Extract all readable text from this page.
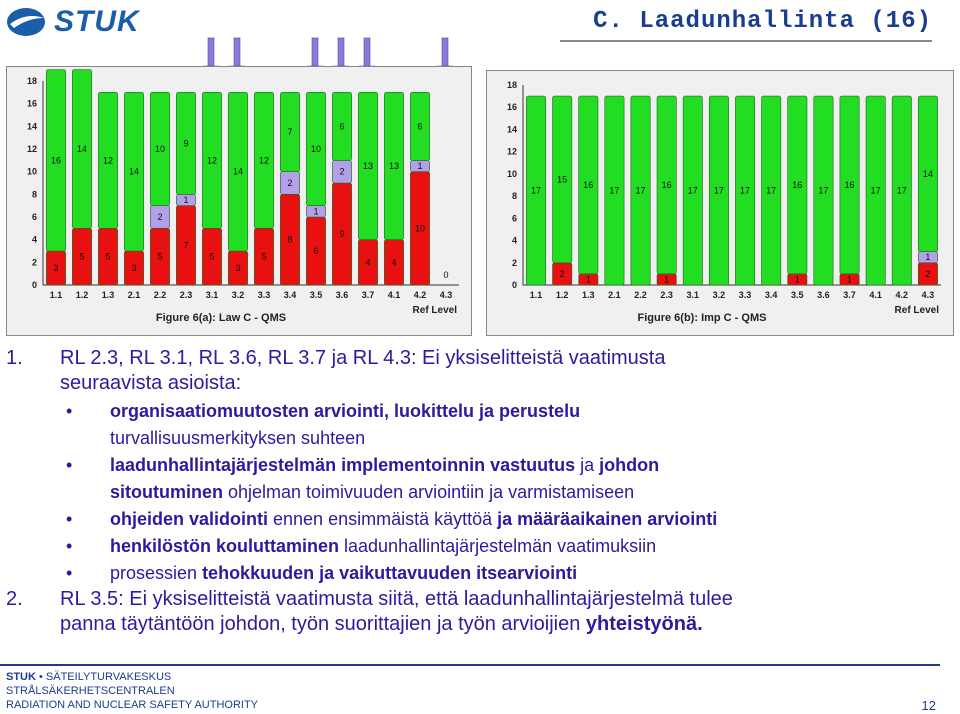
STUK	C. Laadunhallinta (16)
0
2
4
6
8
10
12
14
16
18
3
16
1.1
5
14
1.2
5
12
1.3
3
14
2.1
5
2
10
2.2
7
1
9
2.3
5
12
3.1
3
14
3.2
5
12
3.3
8
2
7
3.4
6
1
10
3.5
9
2
6
3.6
4
13
3.7
4
13
4.1
10
1
6
4.2
0
4.3
Figure 6(a): Law C - QMS
Ref Level
0
2
4
6
8
10
12
14
16
18
17
1.1
2
15
1.2
1
16
1.3
17
2.1
17
2.2
1
16
2.3
17
3.1
17
3.2
17
3.3
17
3.4
1
16
3.5
17
3.6
1
16
3.7
17
4.1
17
4.2
2
1
14
4.3
Figure 6(b): Imp C - QMS
Ref Level

1. RL 2.3, RL 3.1, RL 3.6, RL 3.7 ja RL 4.3: Ei yksiselitteistä vaatimusta

seuraavista asioista:

• organisaatiomuutosten arviointi, luokittelu ja perustelu
turvallisuusmerkityksen suhteen

• laadunhallintajärjestelmän implementoinnin vastuutus ja johdon
sitoutuminen ohjelman toimivuuden arviointiin ja varmistamiseen

• ohjeiden validointi ennen ensimmäistä käyttöä ja määräaikainen arviointi

• henkilöstön kouluttaminen laadunhallintajärjestelmän vaatimuksiin

• prosessien tehokkuuden ja vaikuttavuuden itsearviointi

2. RL 3.5: Ei yksiselitteistä vaatimusta siitä, että laadunhallintajärjestelmä tulee

panna täytäntöön johdon, työn suorittajien ja työn arvioijien yhteistyönä.

STUK • SÄTEILYTURVAKESKUS
STRÅLSÄKERHETSCENTRALEN
RADIATION AND NUCLEAR SAFETY AUTHORITY	12
